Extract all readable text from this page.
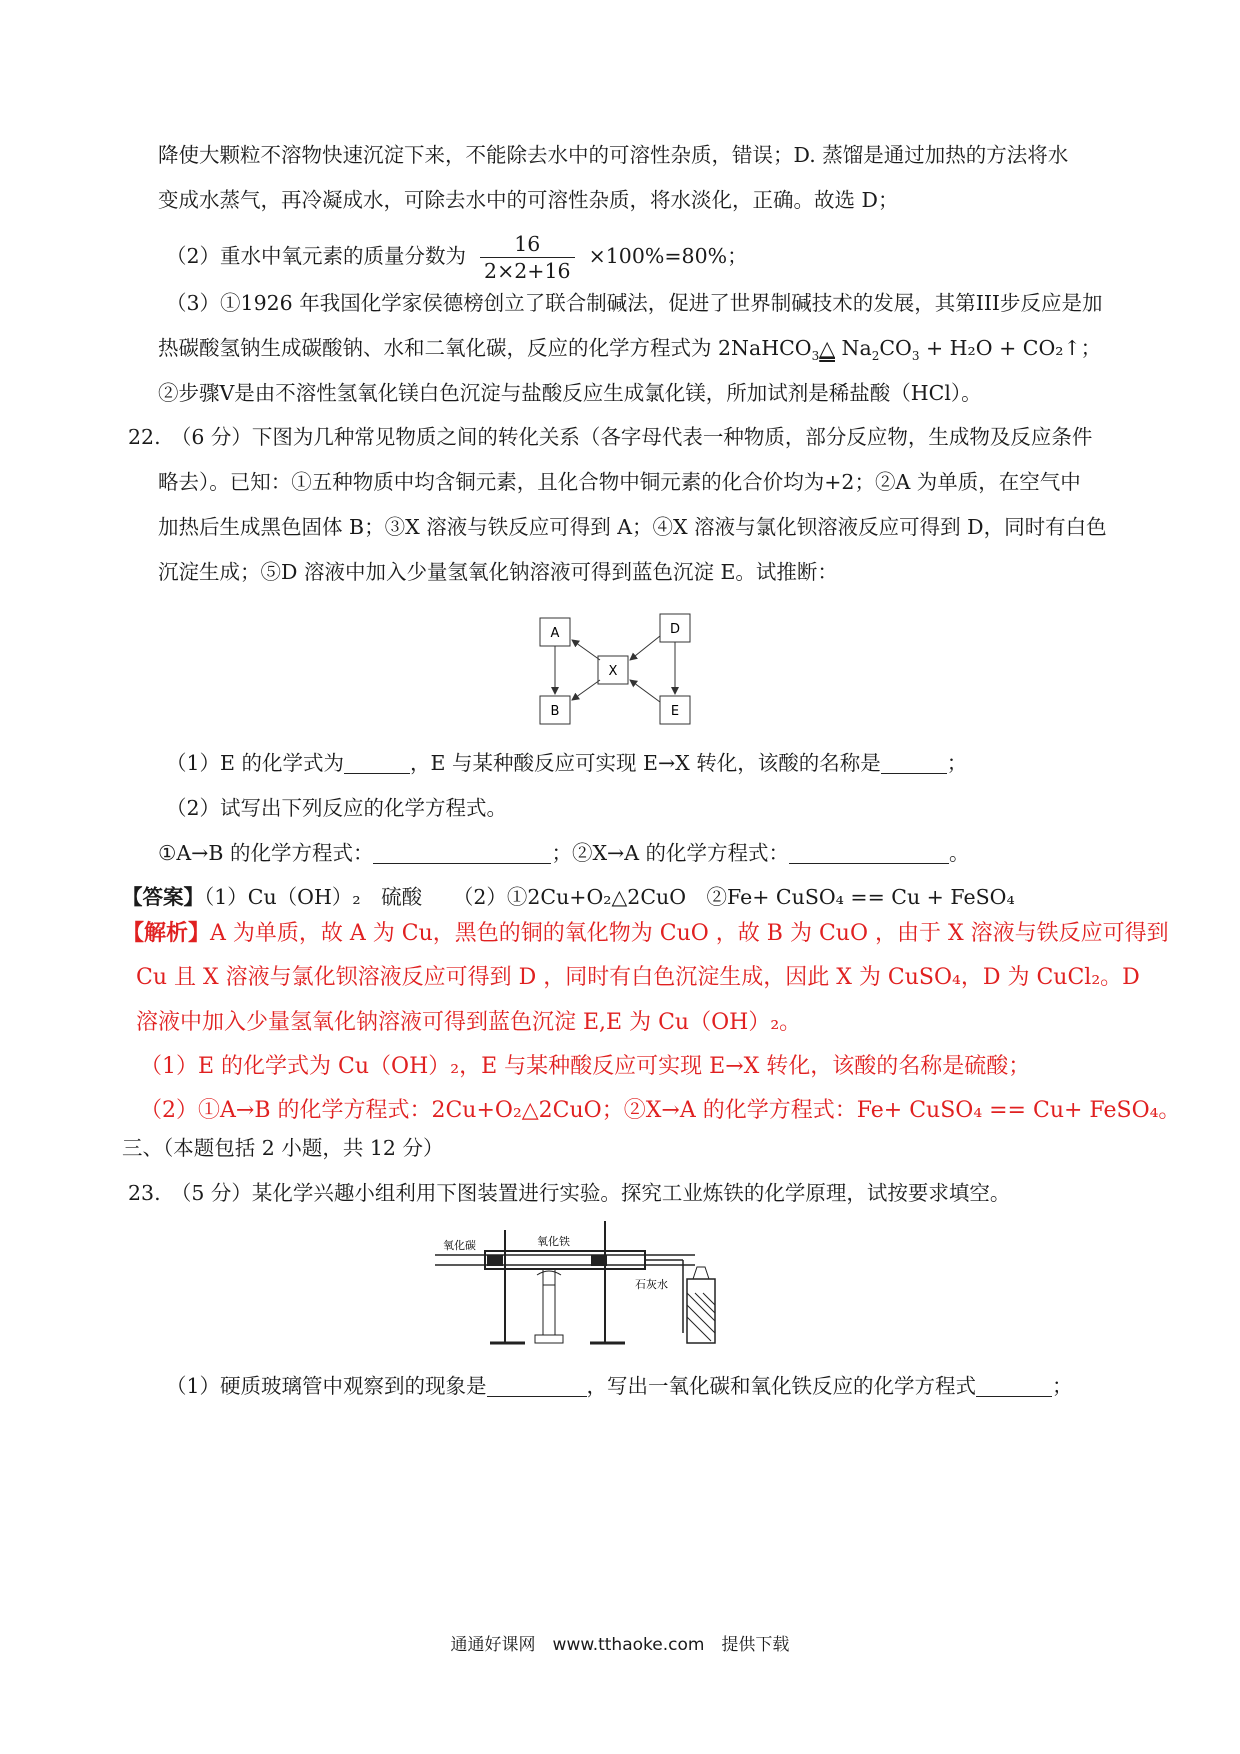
降使大颗粒不溶物快速沉淀下来，不能除去水中的可溶性杂质，错误；D. 蒸馏是通过加热的方法将水
变成水蒸气，再冷凝成水，可除去水中的可溶性杂质，将水淡化，正确。故选 D；
（2）重水中氧元素的质量分数为 $\frac{16}{2\times 2+16} \times 100\%=80\%$；
（3）①1926 年我国化学家侯德榜创立了联合制碱法，促进了世界制碱技术的发展，其第III步反应是加
热碳酸氢钠生成碳酸钠、水和二氧化碳，反应的化学方程式为 2NaHCO$_3$△ $Na_2CO_3 + H_2O$ + CO₂↑；
②步骤Ⅴ是由不溶性氢氧化镁白色沉淀与盐酸反应生成氯化镁，所加试剂是稀盐酸（HCl）。
22.　（6 分）下图为几种常见物质之间的转化关系（各字母代表一种物质，部分反应物，生成物及反应条件
略去）。已知：①五种物质中均含铜元素，且化合物中铜元素的化合价均为+2；②A 为单质，在空气中
加热后生成黑色固体 B；③X 溶液与铁反应可得到 A；④X 溶液与氯化钡溶液反应可得到 D，同时有白色
沉淀生成；⑤D 溶液中加入少量氢氧化钠溶液可得到蓝色沉淀 E。试推断：
A	D
X
B	E
（1）E 的化学式为	，E 与某种酸反应可实现 E→X 转化，该酸的名称是	；
（2）试写出下列反应的化学方程式。
①A→B 的化学方程式：	；②X→A 的化学方程式：	。
【答案】（1）Cu（OH）₂　硫酸　　（2）①2Cu+O₂△2CuO　②Fe+ CuSO₄ == Cu + FeSO₄
【解析】A 为单质，故 A 为 Cu，黑色的铜的氧化物为 CuO ，故 B 为 CuO ，由于 X 溶液与铁反应可得到
Cu 且 X 溶液与氯化钡溶液反应可得到 D ，同时有白色沉淀生成，因此 X 为 CuSO₄，D 为 CuCl₂。D
溶液中加入少量氢氧化钠溶液可得到蓝色沉淀 E,E 为 Cu（OH）₂。
（1）E 的化学式为 Cu（OH）₂，E 与某种酸反应可实现 E→X 转化，该酸的名称是硫酸；
（2）①A→B 的化学方程式：2Cu+O₂△2CuO；②X→A 的化学方程式：Fe+ CuSO₄ == Cu+ FeSO₄。
三、（本题包括 2 小题，共 12 分）
23.　（5 分）某化学兴趣小组利用下图装置进行实验。探究工业炼铁的化学原理，试按要求填空。
氧化碳	氧化铁
石灰水
（1）硬质玻璃管中观察到的现象是	，写出一氧化碳和氧化铁反应的化学方程式	；
通通好课网　www.tthaoke.com　提供下载
